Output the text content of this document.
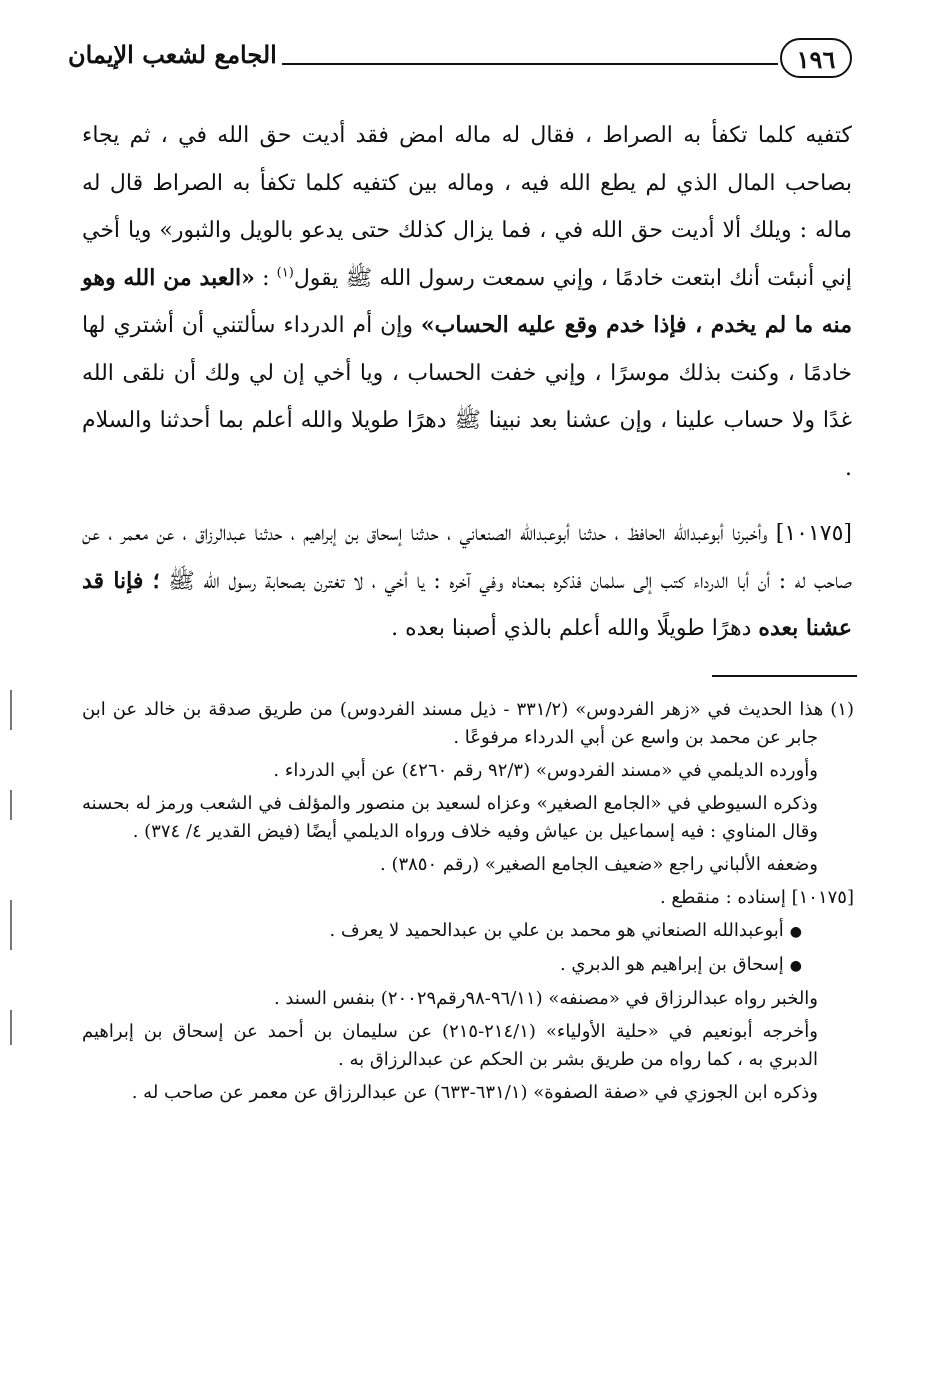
١٩٦
الجامع لشعب الإيمان

كتفيه كلما تكفأ به الصراط ، فقال له ماله امض فقد أديت حق الله في ، ثم يجاء بصاحب المال الذي لم يطع الله فيه ، وماله بين كتفيه كلما تكفأ به الصراط قال له ماله : ويلك ألا أديت حق الله في ، فما يزال كذلك حتى يدعو بالويل والثبور» ويا أخي إني أنبئت أنك ابتعت خادمًا ، وإني سمعت رسول الله ﷺ يقول$^{(١)}$ : «العبد من الله وهو منه ما لم يخدم ، فإذا خدم وقع عليه الحساب» وإن أم الدرداء سألتني أن أشتري لها خادمًا ، وكنت بذلك موسرًا ، وإني خفت الحساب ، ويا أخي إن لي ولك أن نلقى الله غدًا ولا حساب علينا ، وإن عشنا بعد نبينا ﷺ دهرًا طويلا والله أعلم بما أحدثنا والسلام .

[١٠١٧٥] وأخبرنا أبوعبدالله الحافظ ، حدثنا أبوعبدالله الصنعاني ، حدثنا إسحاق بن إبراهيم ، حدثنا عبدالرزاق ، عن معمر ، عن صاحب له : أن أبا الدرداء كتب إلى سلمان فذكره بمعناه وفي آخره : يا أخي ، لا تغترن بصحابة رسول الله ﷺ ؛ فإنا قد عشنا بعده دهرًا طويلًا والله أعلم بالذي أصبنا بعده .

(١) هذا الحديث في «زهر الفردوس» (٣٣١/٢ - ذيل مسند الفردوس) من طريق صدقة بن خالد عن ابن جابر عن محمد بن واسع عن أبي الدرداء مرفوعًا .

وأورده الديلمي في «مسند الفردوس» (٩٢/٣ رقم ٤٢٦٠) عن أبي الدرداء .

وذكره السيوطي في «الجامع الصغير» وعزاه لسعيد بن منصور والمؤلف في الشعب ورمز له بحسنه وقال المناوي : فيه إسماعيل بن عياش وفيه خلاف ورواه الديلمي أيضًا (فيض القدير ٤/ ٣٧٤) .

وضعفه الألباني راجع «ضعيف الجامع الصغير» (رقم ٣٨٥٠) .

[١٠١٧٥] إسناده : منقطع .

●أبوعبدالله الصنعاني هو محمد بن علي بن عبدالحميد لا يعرف .

●إسحاق بن إبراهيم هو الدبري .

والخبر رواه عبدالرزاق في «مصنفه» (٩٦/١١-٩٨رقم٢٠٠٢٩) بنفس السند .

وأخرجه أبونعيم في «حلية الأولياء» (٢١٤/١-٢١٥) عن سليمان بن أحمد عن إسحاق بن إبراهيم الدبري به ، كما رواه من طريق بشر بن الحكم عن عبدالرزاق به .

وذكره ابن الجوزي في «صفة الصفوة» (٦٣١/١-٦٣٣) عن عبدالرزاق عن معمر عن صاحب له .
